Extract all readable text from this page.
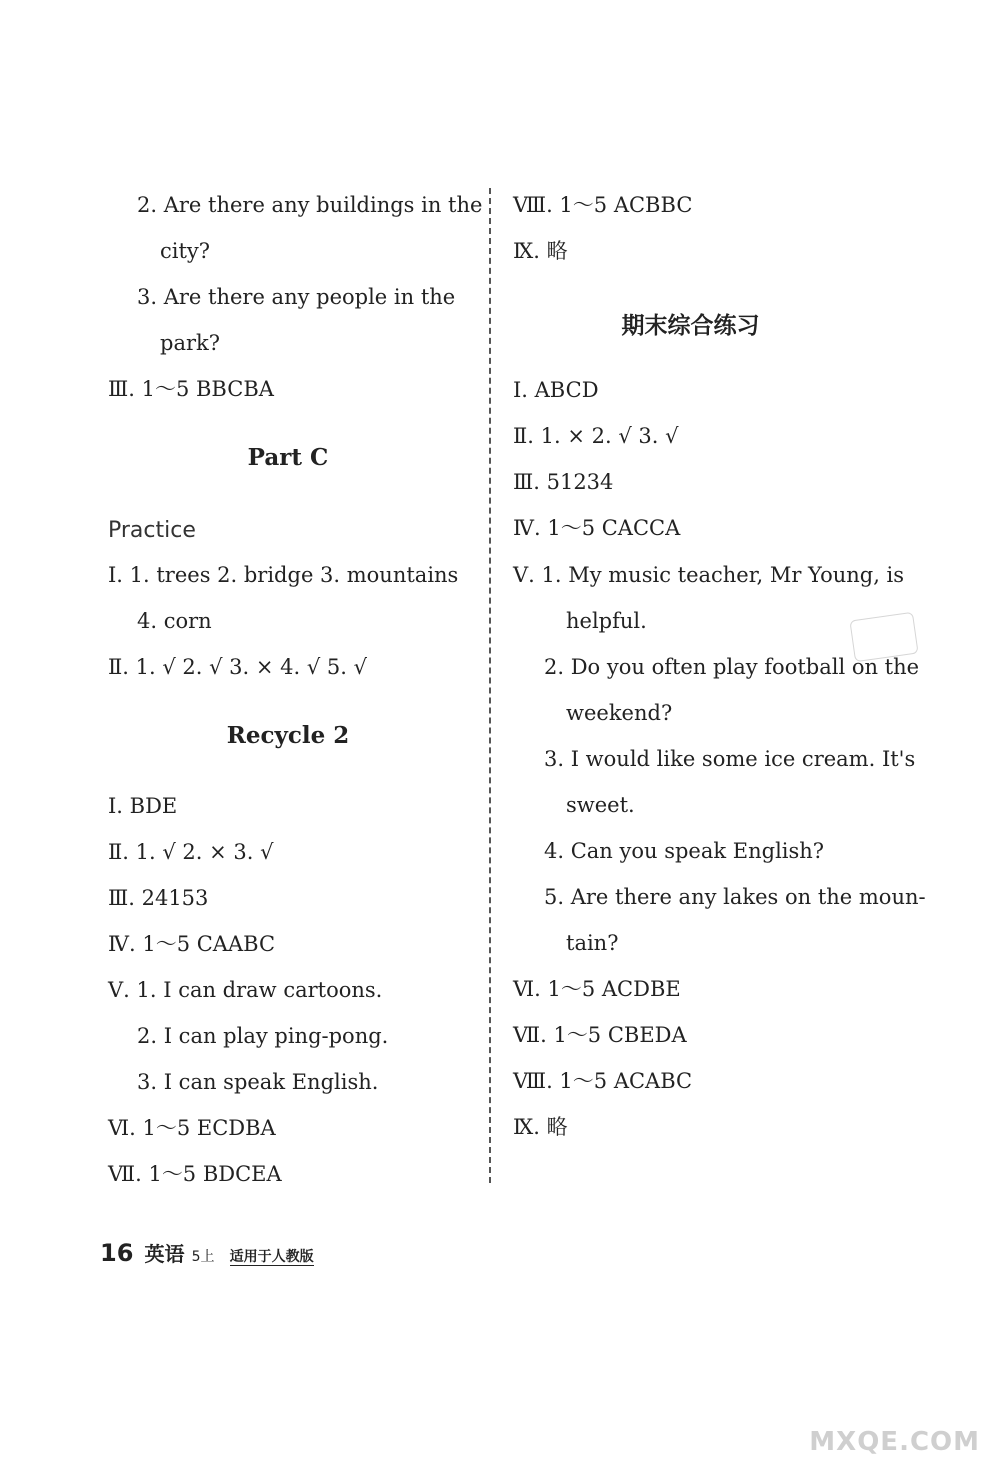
2. Are there any buildings in the
city?
3. Are there any people in the
park?
Ⅲ. 1～5 BBCBA
Part C
Practice
Ⅰ. 1. trees 2. bridge 3. mountains
4. corn
Ⅱ. 1. √ 2. √ 3. × 4. √ 5. √
Recycle 2
Ⅰ. BDE
Ⅱ. 1. √ 2. × 3. √
Ⅲ. 24153
Ⅳ. 1～5 CAABC
Ⅴ. 1. I can draw cartoons.
2. I can play ping-pong.
3. I can speak English.
Ⅵ. 1～5 ECDBA
Ⅶ. 1～5 BDCEA
Ⅷ. 1～5 ACBBC
Ⅸ. 略
期末综合练习
Ⅰ. ABCD
Ⅱ. 1. × 2. √ 3. √
Ⅲ. 51234
Ⅳ. 1～5 CACCA
Ⅴ. 1. My music teacher, Mr Young, is
helpful.
2. Do you often play football on the
weekend?
3. I would like some ice cream. It's
sweet.
4. Can you speak English?
5. Are there any lakes on the moun-
tain?
Ⅵ. 1～5 ACDBE
Ⅶ. 1～5 CBEDA
Ⅷ. 1～5 ACABC
Ⅸ. 略
16 英语 5上 适用于人教版
MXQE.COM
